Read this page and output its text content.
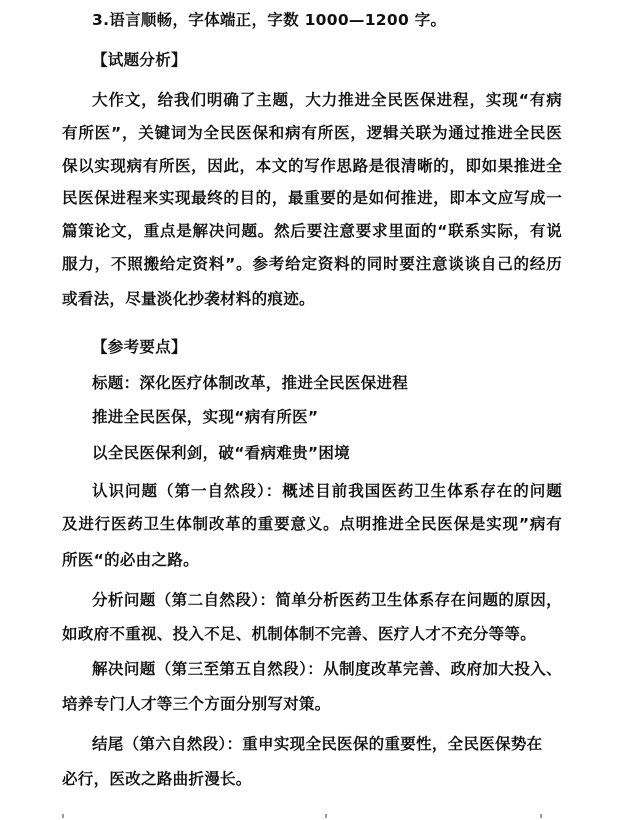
3.语言顺畅，字体端正，字数 1000—1200 字。

【试题分析】

大作文，给我们明确了主题，大力推进全民医保进程，实现“有病

有所医”，关键词为全民医保和病有所医，逻辑关联为通过推进全民医

保以实现病有所医，因此，本文的写作思路是很清晰的，即如果推进全

民医保进程来实现最终的目的，最重要的是如何推进，即本文应写成一

篇策论文，重点是解决问题。然后要注意要求里面的“联系实际，有说

服力，不照搬给定资料”。参考给定资料的同时要注意谈谈自己的经历

或看法，尽量淡化抄袭材料的痕迹。

【参考要点】

标题：深化医疗体制改革，推进全民医保进程

推进全民医保，实现“病有所医”

以全民医保利剑，破“看病难贵”困境

认识问题（第一自然段）：概述目前我国医药卫生体系存在的问题

及进行医药卫生体制改革的重要意义。点明推进全民医保是实现”病有

所医“的必由之路。

分析问题（第二自然段）：简单分析医药卫生体系存在问题的原因，

如政府不重视、投入不足、机制体制不完善、医疗人才不充分等等。

解决问题（第三至第五自然段）：从制度改革完善、政府加大投入、

培养专门人才等三个方面分别写对策。

结尾（第六自然段）：重申实现全民医保的重要性，全民医保势在

必行，医改之路曲折漫长。
